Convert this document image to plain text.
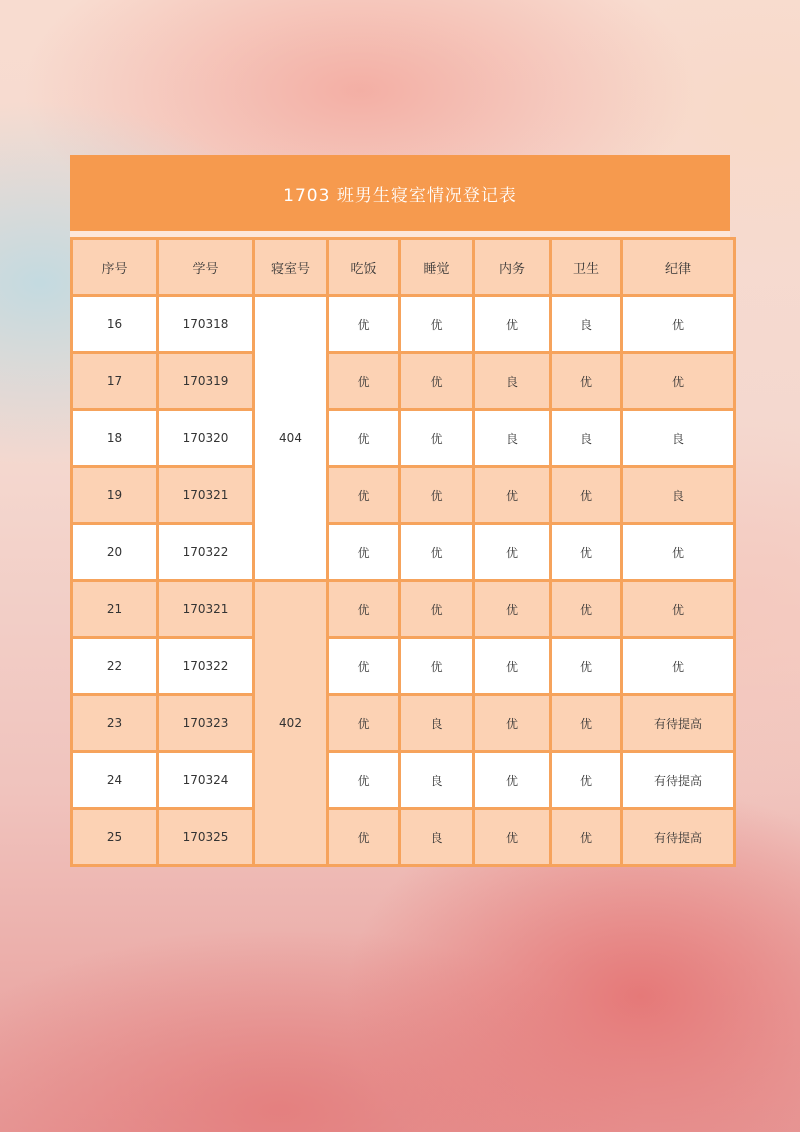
1703 班男生寝室情况登记表
序号	学号	寝室号	吃饭	睡觉	内务	卫生	纪律
16	170318	404	优	优	优	良	优
17	170319		优	优	良	优	优
18	170320		优	优	良	良	良
19	170321		优	优	优	优	良
20	170322		优	优	优	优	优
21	170321	402	优	优	优	优	优
22	170322		优	优	优	优	优
23	170323		优	良	优	优	有待提高
24	170324		优	良	优	优	有待提高
25	170325		优	良	优	优	有待提高
